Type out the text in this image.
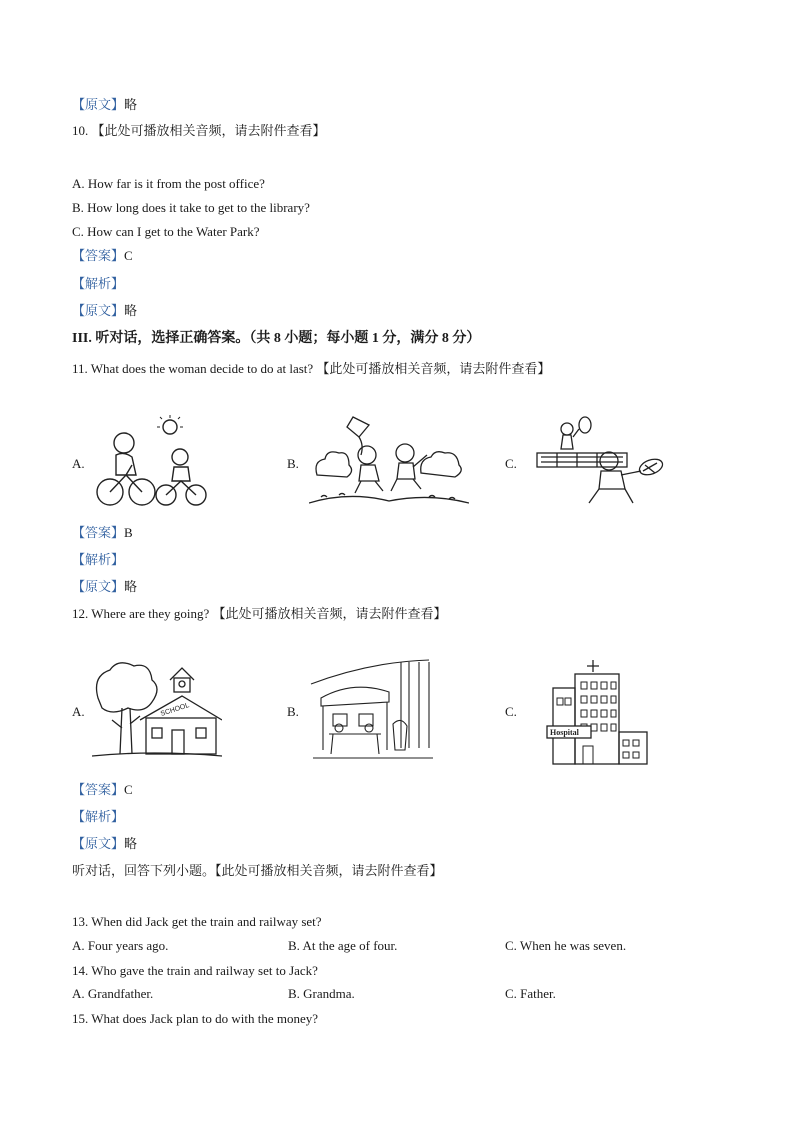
【原文】略
10. 【此处可播放相关音频，请去附件查看】
A. How far is it from the post office?
B. How long does it take to get to the library?
C. How can I get to the Water Park?
【答案】C
【解析】
【原文】略
III. 听对话，选择正确答案。（共 8 小题；每小题 1 分，满分 8 分）
11. What does the woman decide to do at last? 【此处可播放相关音频，请去附件查看】
A.	B.	C.
【答案】B
【解析】
【原文】略
12. Where are they going? 【此处可播放相关音频，请去附件查看】
A.	SCHOOL	B.	C.
Hospital
【答案】C
【解析】
【原文】略
听对话，回答下列小题。【此处可播放相关音频，请去附件查看】
13. When did Jack get the train and railway set?
A. Four years ago.	B. At the age of four.	C. When he was seven.
14. Who gave the train and railway set to Jack?
A. Grandfather.	B. Grandma.	C. Father.
15. What does Jack plan to do with the money?
